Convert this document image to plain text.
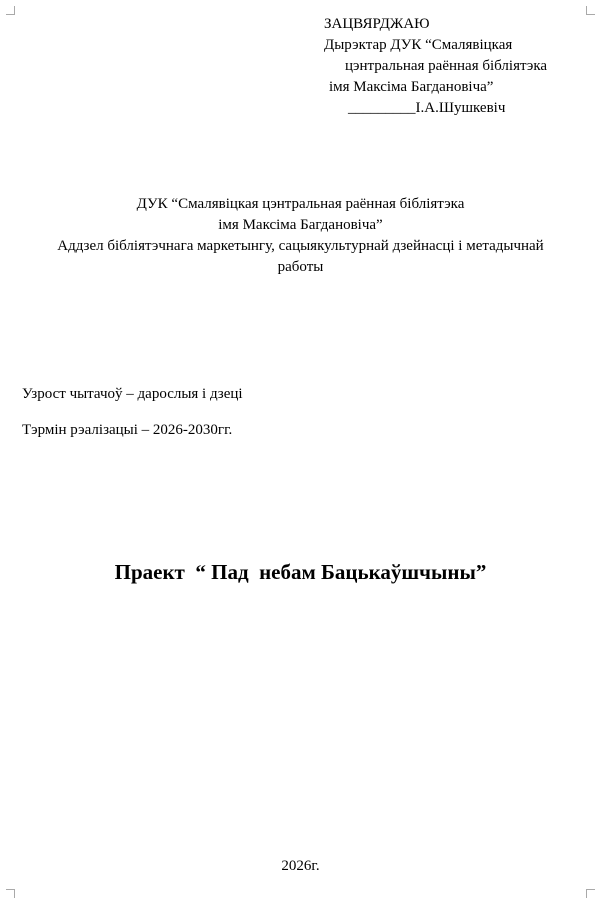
ЗАЦВЯРДЖАЮ
Дырэктар ДУК “Смалявіцкая
цэнтральная раённая бібліятэка
імя Максіма Багдановіча”
_________І.А.Шушкевіч
ДУК “Смалявіцкая цэнтральная раённая бібліятэка
імя Максіма Багдановіча”
Аддзел бібліятэчнага маркетынгу, сацыякультурнай дзейнасці і метадычнай
работы
Узрост чытачоў – дарослыя і дзеці
Тэрмін рэалізацыі – 2026-2030гг.
Праект  “ Пад  небам Бацькаўшчыны”
2026г.
